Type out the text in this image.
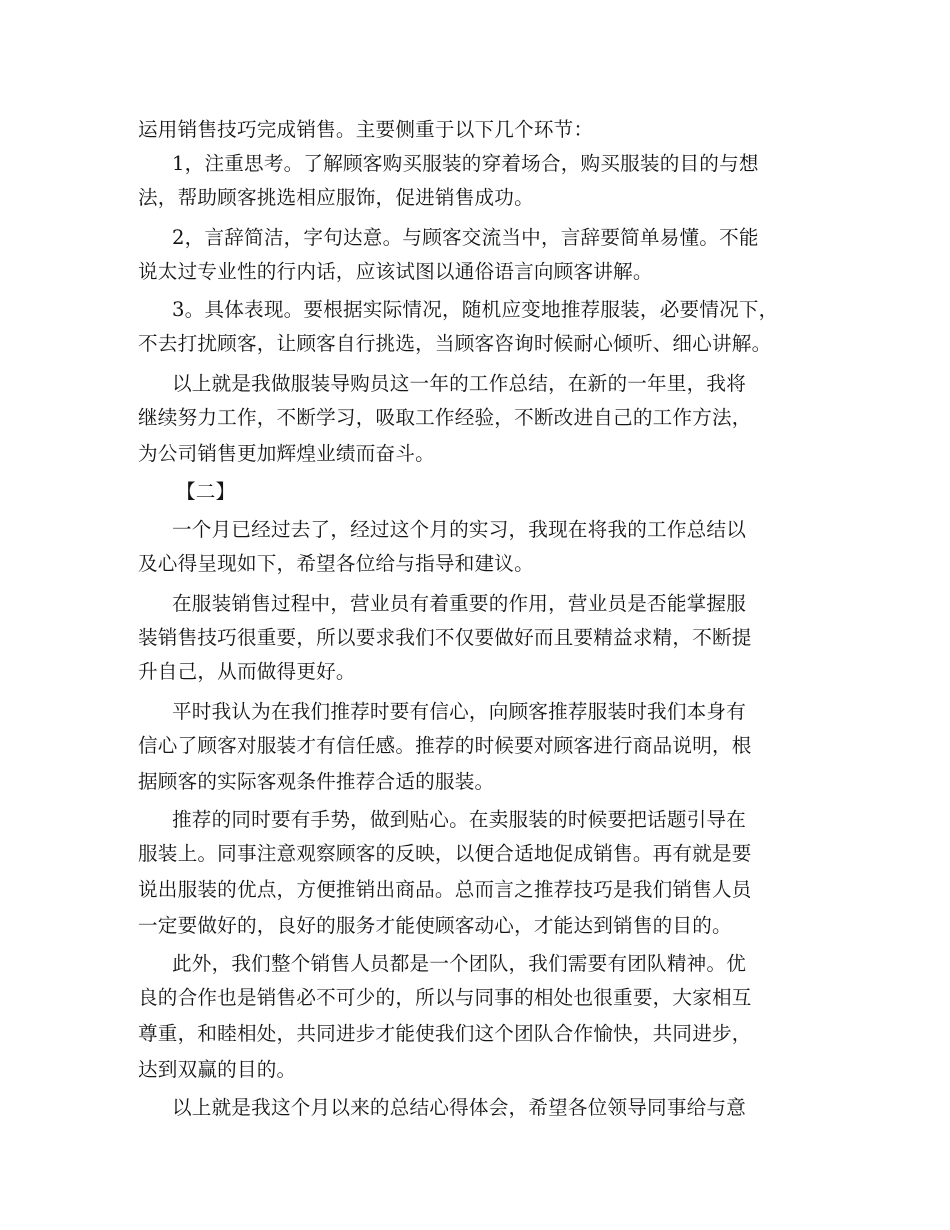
运用销售技巧完成销售。主要侧重于以下几个环节：
1，注重思考。了解顾客购买服装的穿着场合，购买服装的目的与想
法，帮助顾客挑选相应服饰，促进销售成功。
2，言辞简洁，字句达意。与顾客交流当中，言辞要简单易懂。不能
说太过专业性的行内话，应该试图以通俗语言向顾客讲解。
3。具体表现。要根据实际情况，随机应变地推荐服装，必要情况下，
不去打扰顾客，让顾客自行挑选，当顾客咨询时候耐心倾听、细心讲解。
以上就是我做服装导购员这一年的工作总结，在新的一年里，我将
继续努力工作，不断学习，吸取工作经验，不断改进自己的工作方法，
为公司销售更加辉煌业绩而奋斗。
【二】
一个月已经过去了，经过这个月的实习，我现在将我的工作总结以
及心得呈现如下，希望各位给与指导和建议。
在服装销售过程中，营业员有着重要的作用，营业员是否能掌握服
装销售技巧很重要，所以要求我们不仅要做好而且要精益求精，不断提
升自己，从而做得更好。
平时我认为在我们推荐时要有信心，向顾客推荐服装时我们本身有
信心了顾客对服装才有信任感。推荐的时候要对顾客进行商品说明，根
据顾客的实际客观条件推荐合适的服装。
推荐的同时要有手势，做到贴心。在卖服装的时候要把话题引导在
服装上。同事注意观察顾客的反映，以便合适地促成销售。再有就是要
说出服装的优点，方便推销出商品。总而言之推荐技巧是我们销售人员
一定要做好的，良好的服务才能使顾客动心，才能达到销售的目的。
此外，我们整个销售人员都是一个团队，我们需要有团队精神。优
良的合作也是销售必不可少的，所以与同事的相处也很重要，大家相互
尊重，和睦相处，共同进步才能使我们这个团队合作愉快，共同进步，
达到双赢的目的。
以上就是我这个月以来的总结心得体会，希望各位领导同事给与意
